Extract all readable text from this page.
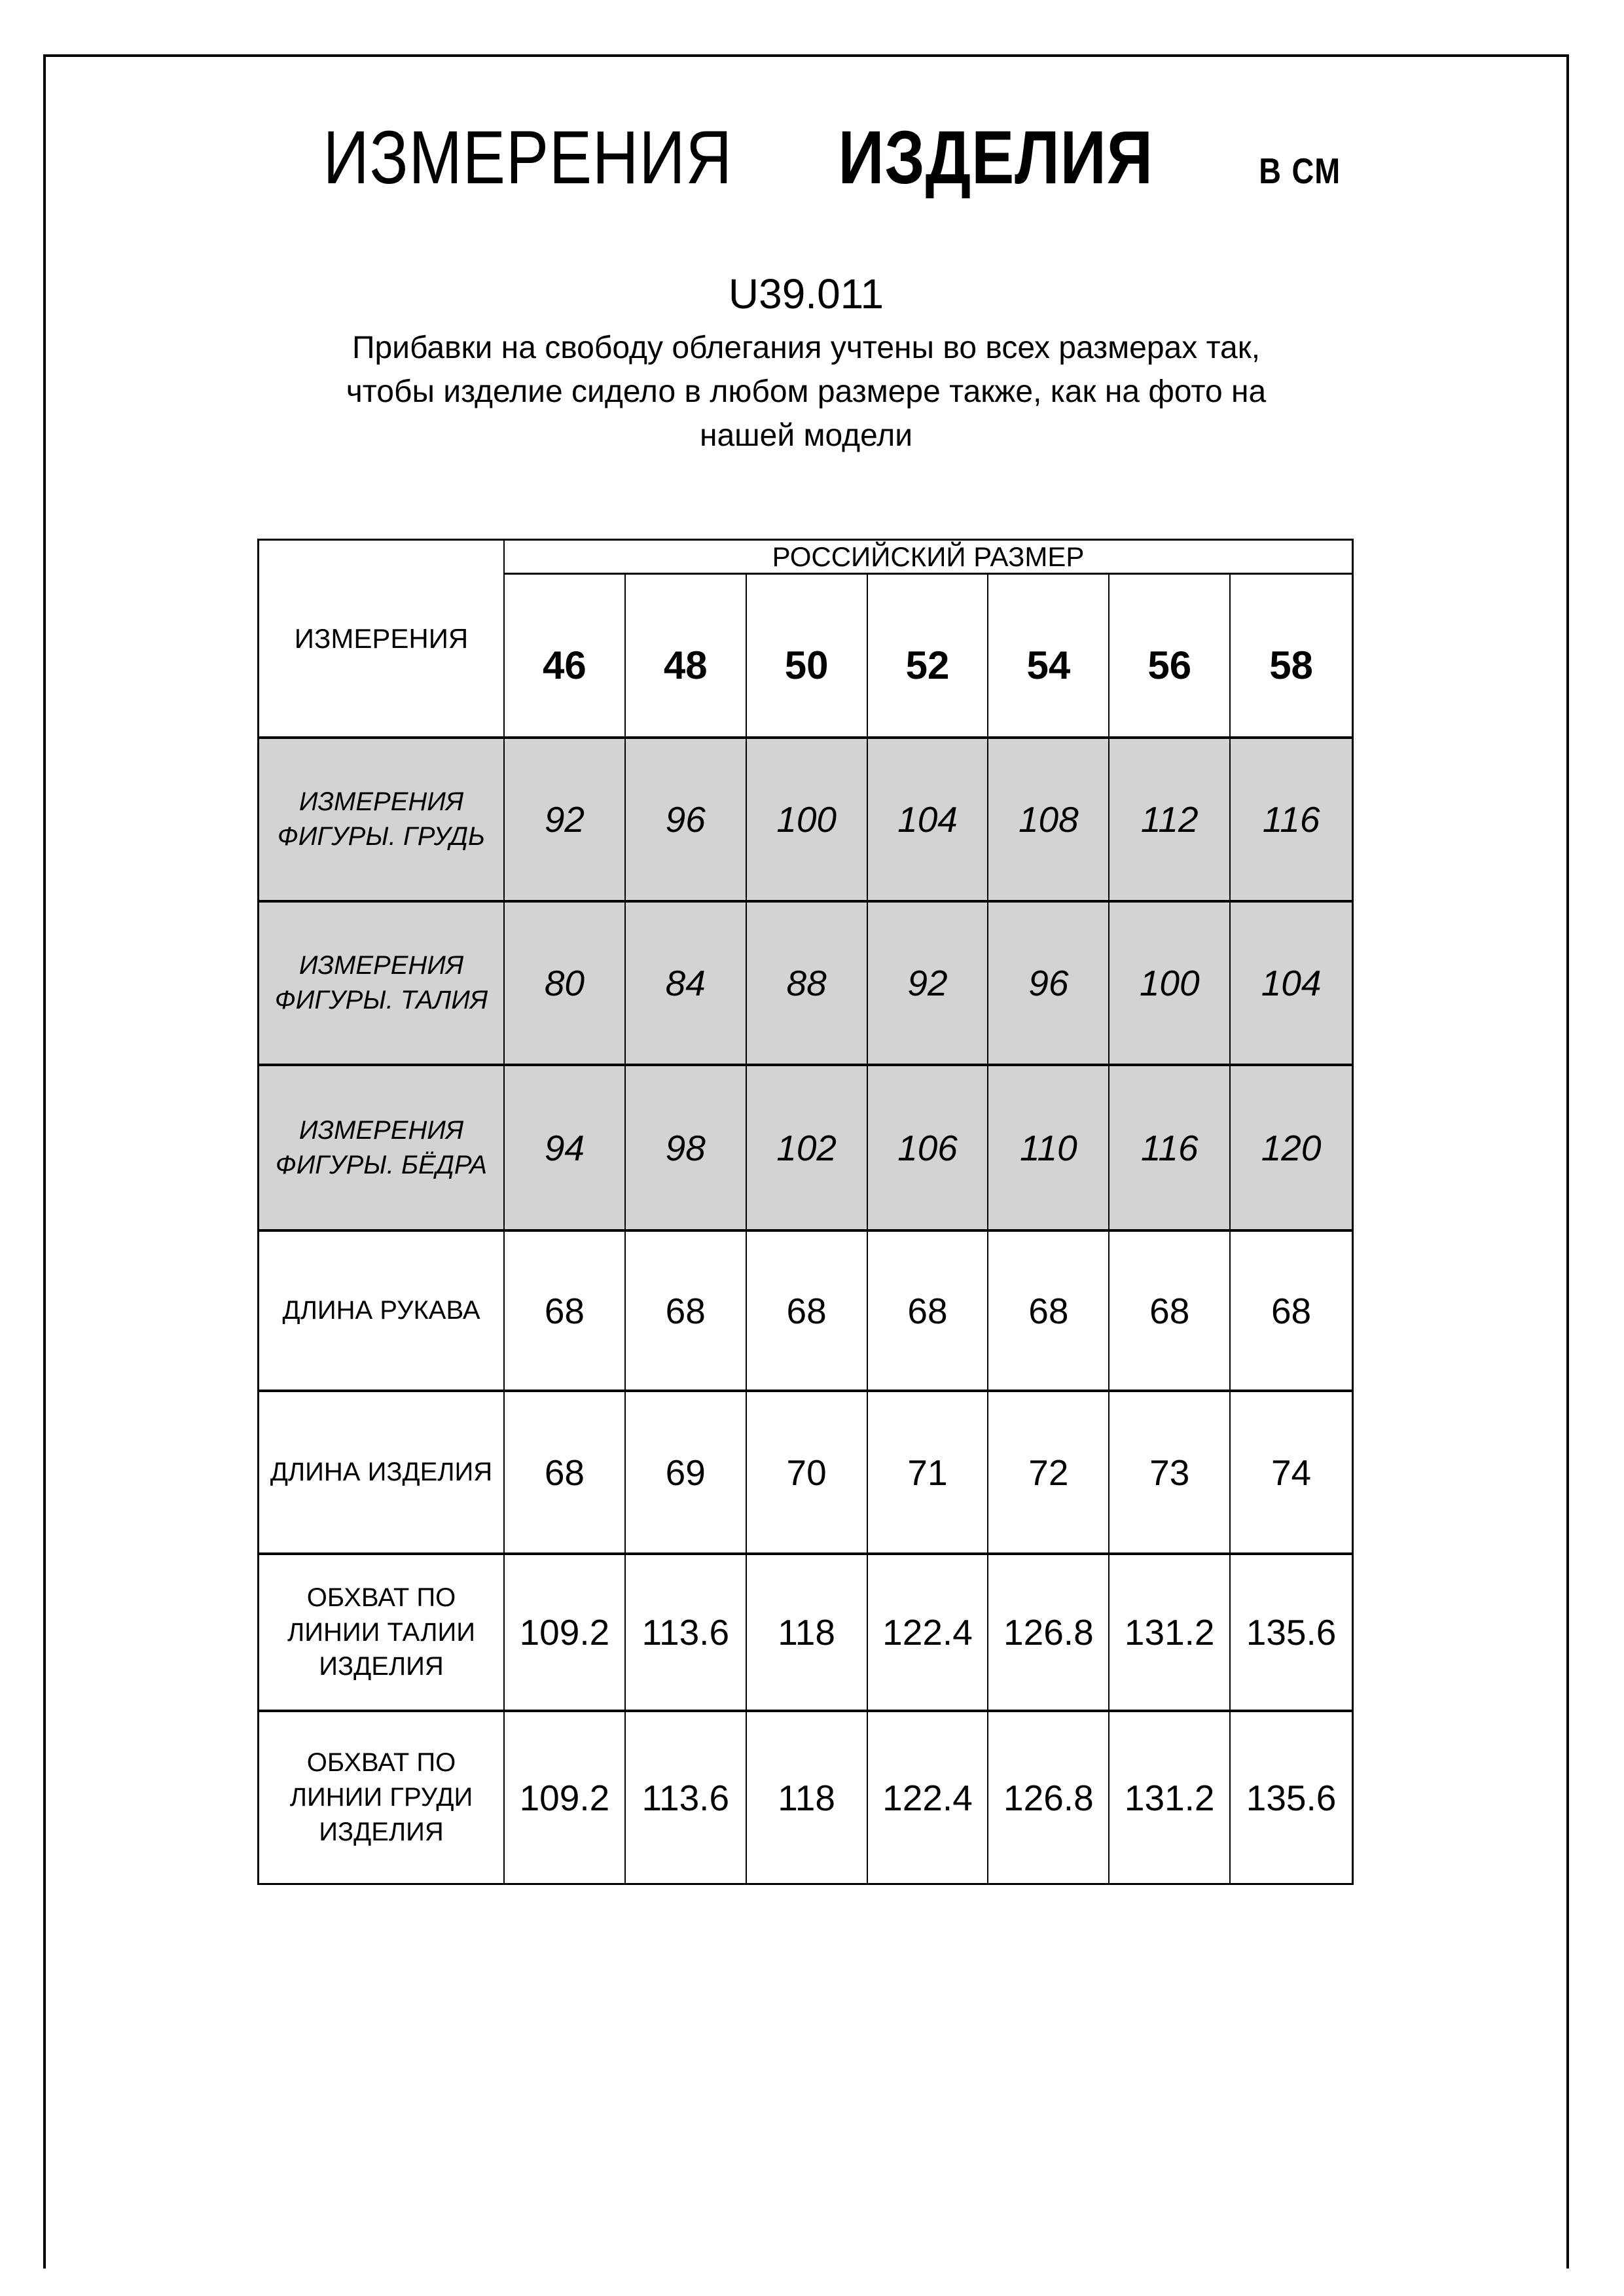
ИЗМЕРЕНИЯ ИЗДЕЛИЯ	В СМ
U39.011
Прибавки на свободу облегания учтены во всех размерах так,
чтобы изделие сидело в любом размере также, как на фото на
нашей модели
ИЗМЕРЕНИЯ
РОССИЙСКИЙ РАЗМЕР
46	48	50	52	54	56	58
ИЗМЕРЕНИЯ
ФИГУРЫ. ГРУДЬ	92	96	100	104	108	112	116
ИЗМЕРЕНИЯ
ФИГУРЫ. ТАЛИЯ	80	84	88	92	96	100	104
ИЗМЕРЕНИЯ
ФИГУРЫ. БЁДРА	94	98	102	106	110	116	120
ДЛИНА РУКАВА	68	68	68	68	68	68	68
ДЛИНА ИЗДЕЛИЯ	68	69	70	71	72	73	74
ОБХВАТ ПО
ЛИНИИ ТАЛИИ
ИЗДЕЛИЯ
109.2 113.6	118	122.4 126.8 131.2 135.6
ОБХВАТ ПО
ЛИНИИ ГРУДИ
ИЗДЕЛИЯ
109.2 113.6	118	122.4 126.8 131.2 135.6
